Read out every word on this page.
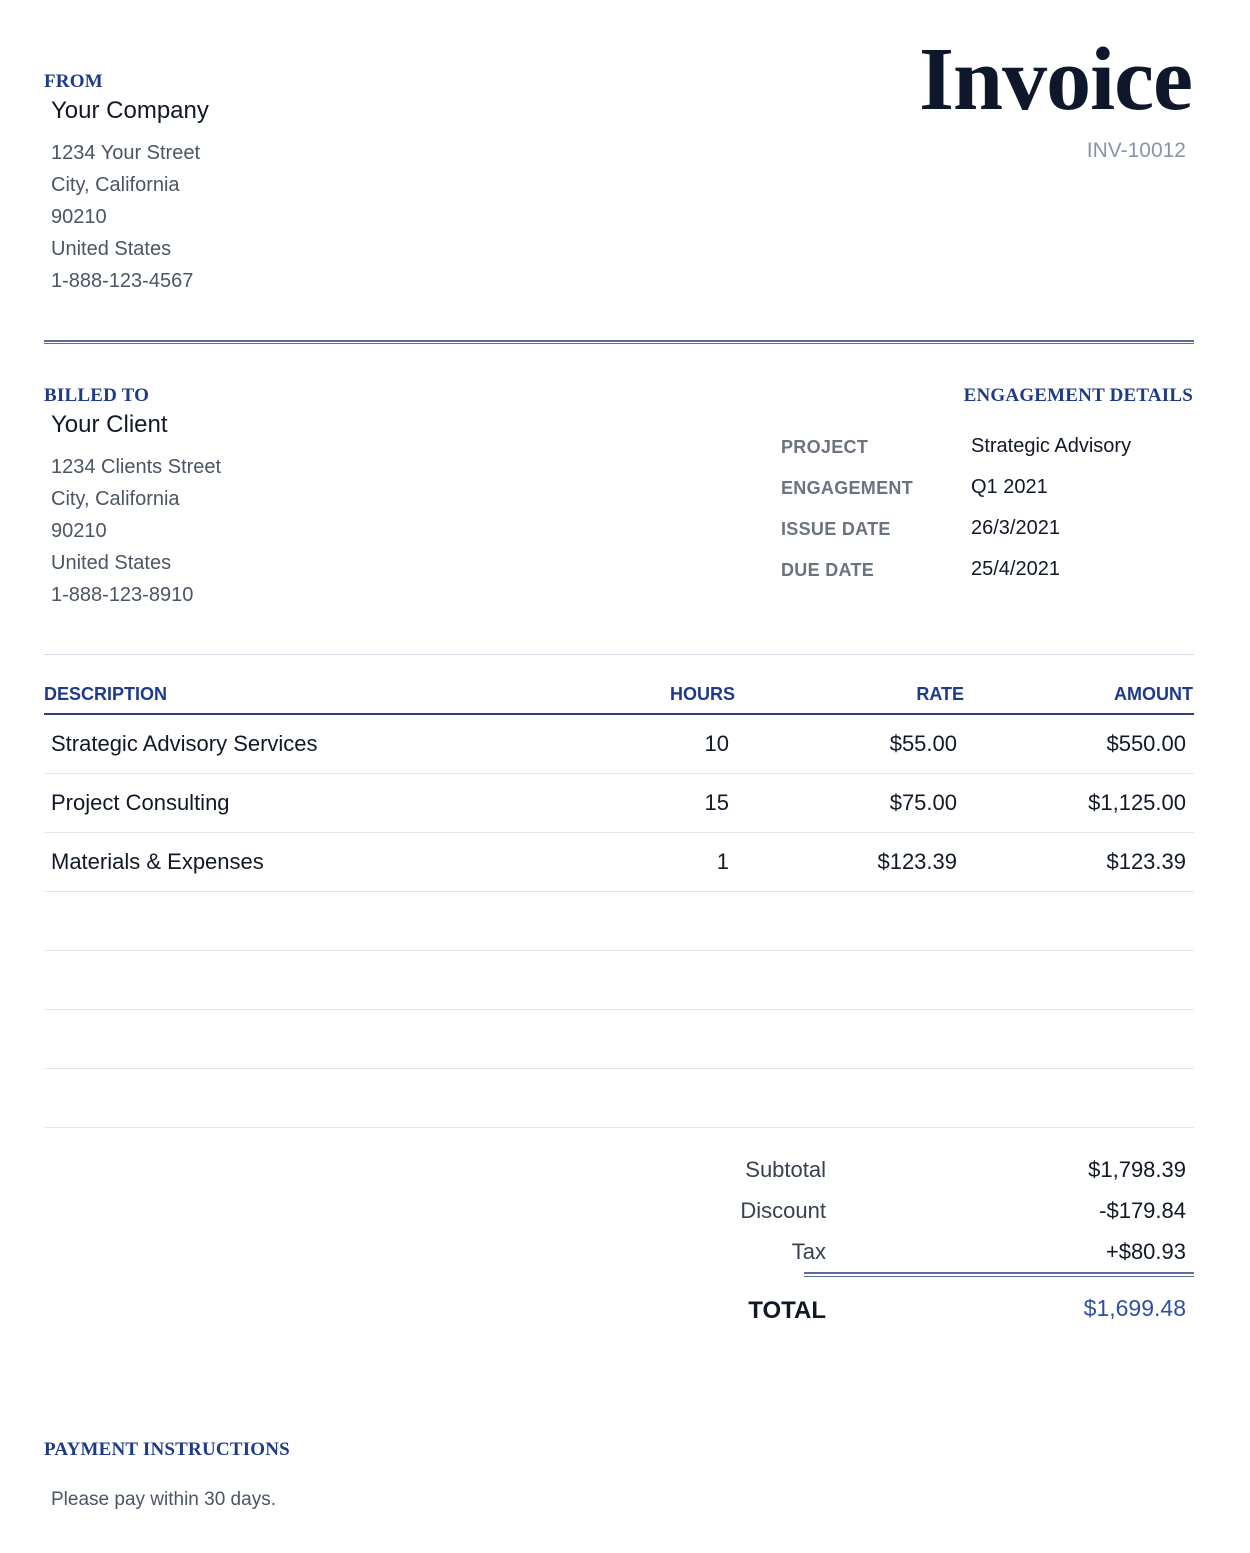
FROM
Your Company
1234 Your Street
City, California
90210
United States
1-888-123-4567
Invoice
INV-10012
BILLED TO
Your Client
1234 Clients Street
City, California
90210
United States
1-888-123-8910
ENGAGEMENT DETAILS
PROJECT	Strategic Advisory
ENGAGEMENT	Q1 2021
ISSUE DATE	26/3/2021
DUE DATE	25/4/2021
DESCRIPTION	HOURS	RATE	AMOUNT
Strategic Advisory Services	10	$55.00	$550.00
Project Consulting	15	$75.00	$1,125.00
Materials & Expenses	1	$123.39	$123.39
Subtotal	$1,798.39
Discount	-$179.84
Tax	+$80.93
TOTAL	$1,699.48
PAYMENT INSTRUCTIONS
Please pay within 30 days.
